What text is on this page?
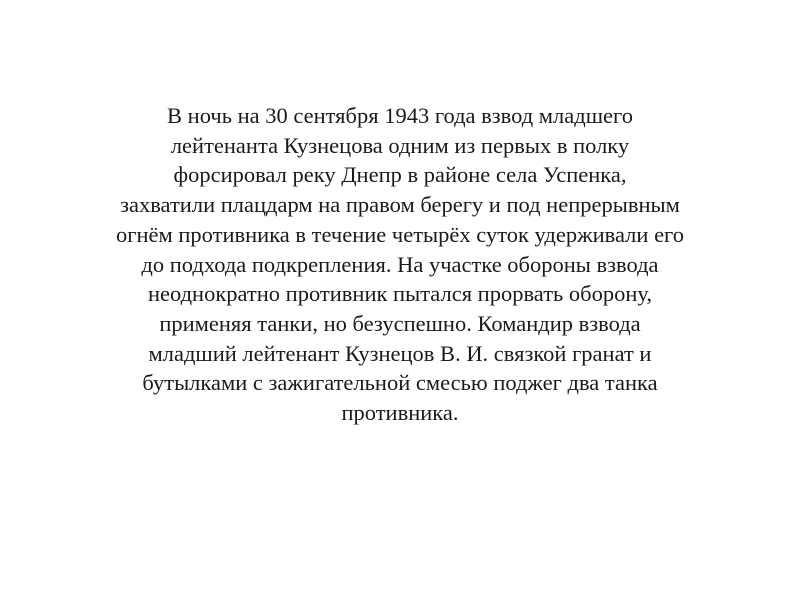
В ночь на 30 сентября 1943 года взвод младшего
лейтенанта Кузнецова одним из первых в полку
форсировал реку Днепр в районе села Успенка,
захватили плацдарм на правом берегу и под непрерывным
огнём противника в течение четырёх суток удерживали его
до подхода подкрепления. На участке обороны взвода
неоднократно противник пытался прорвать оборону,
применяя танки, но безуспешно. Командир взвода
младший лейтенант Кузнецов В. И. связкой гранат и
бутылками с зажигательной смесью поджег два танка
противника.
